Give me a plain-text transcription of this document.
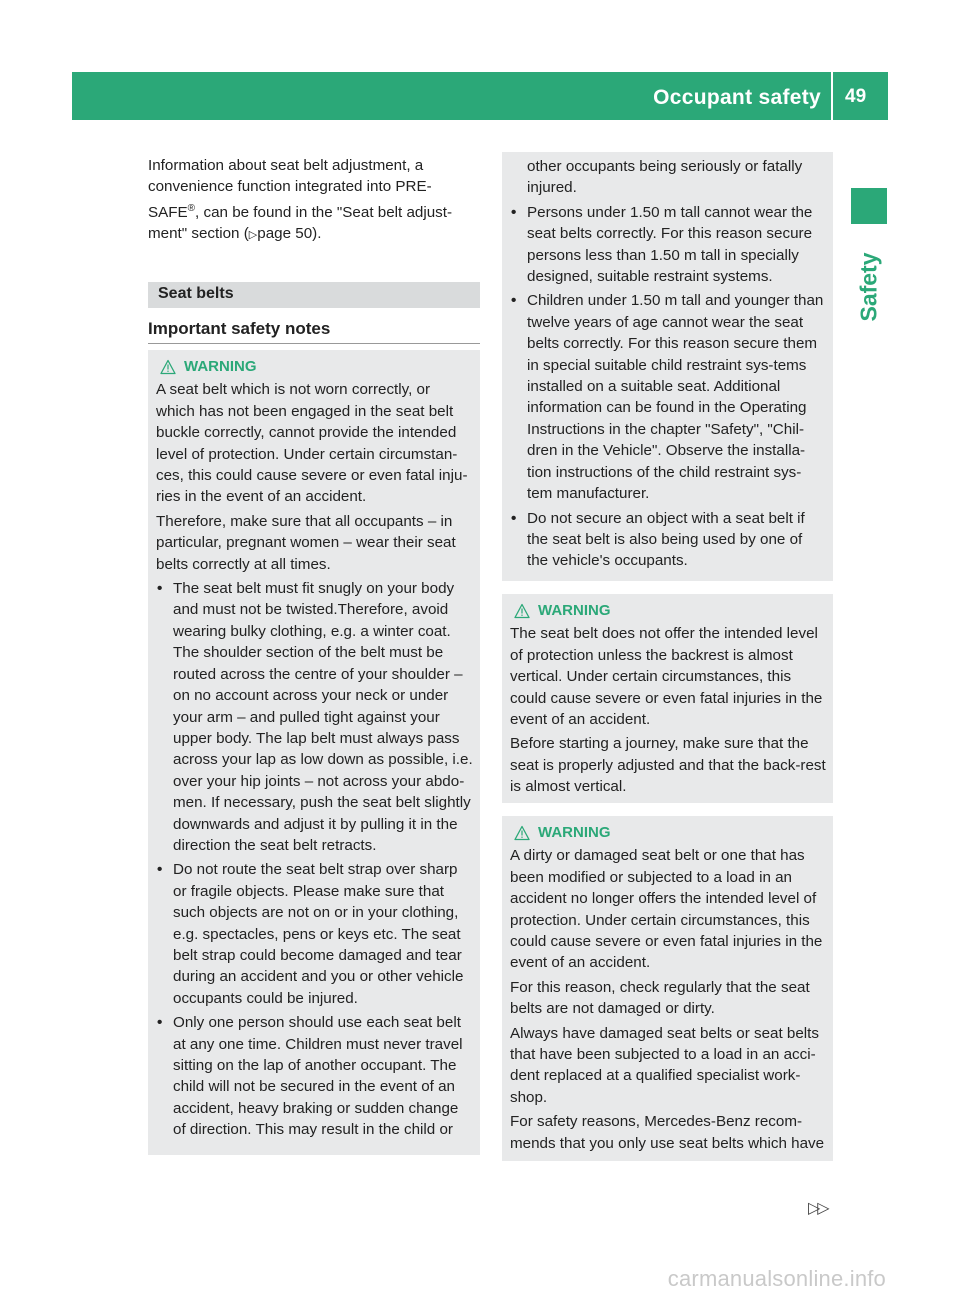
Occupant safety 49
Safety

Information about seat belt adjustment, a convenience function integrated into PRE-SAFE®, can be found in the "Seat belt adjust-ment" section (▷page 50).

Seat belts
Important safety notes
WARNING

A seat belt which is not worn correctly, or which has not been engaged in the seat belt buckle correctly, cannot provide the intended level of protection. Under certain circumstan-ces, this could cause severe or even fatal inju-ries in the event of an accident.

Therefore, make sure that all occupants – in particular, pregnant women – wear their seat belts correctly at all times.

• The seat belt must fit snugly on your body and must not be twisted.Therefore, avoid wearing bulky clothing, e.g. a winter coat. The shoulder section of the belt must be routed across the centre of your shoulder – on no account across your neck or under your arm – and pulled tight against your upper body. The lap belt must always pass across your lap as low down as possible, i.e. over your hip joints – not across your abdo-men. If necessary, push the seat belt slightly downwards and adjust it by pulling it in the direction the seat belt retracts.
• Do not route the seat belt strap over sharp or fragile objects. Please make sure that such objects are not on or in your clothing, e.g. spectacles, pens or keys etc. The seat belt strap could become damaged and tear during an accident and you or other vehicle occupants could be injured.
• Only one person should use each seat belt at any one time. Children must never travel sitting on the lap of another occupant. The child will not be secured in the event of an accident, heavy braking or sudden change of direction. This may result in the child or

other occupants being seriously or fatally injured.

• Persons under 1.50 m tall cannot wear the seat belts correctly. For this reason secure persons less than 1.50 m tall in specially designed, suitable restraint systems.
• Children under 1.50 m tall and younger than twelve years of age cannot wear the seat belts correctly. For this reason secure them in special suitable child restraint sys-tems installed on a suitable seat. Additional information can be found in the Operating Instructions in the chapter "Safety", "Chil-dren in the Vehicle". Observe the installa-tion instructions of the child restraint sys-tem manufacturer.
• Do not secure an object with a seat belt if the seat belt is also being used by one of the vehicle's occupants.
WARNING

The seat belt does not offer the intended level of protection unless the backrest is almost vertical. Under certain circumstances, this could cause severe or even fatal injuries in the event of an accident.

Before starting a journey, make sure that the seat is properly adjusted and that the back-rest is almost vertical.

WARNING

A dirty or damaged seat belt or one that has been modified or subjected to a load in an accident no longer offers the intended level of protection. Under certain circumstances, this could cause severe or even fatal injuries in the event of an accident.

For this reason, check regularly that the seat belts are not damaged or dirty.

Always have damaged seat belts or seat belts that have been subjected to a load in an acci-dent replaced at a qualified specialist work-shop.

For safety reasons, Mercedes-Benz recom-mends that you only use seat belts which have

▷▷
carmanualsonline.info
